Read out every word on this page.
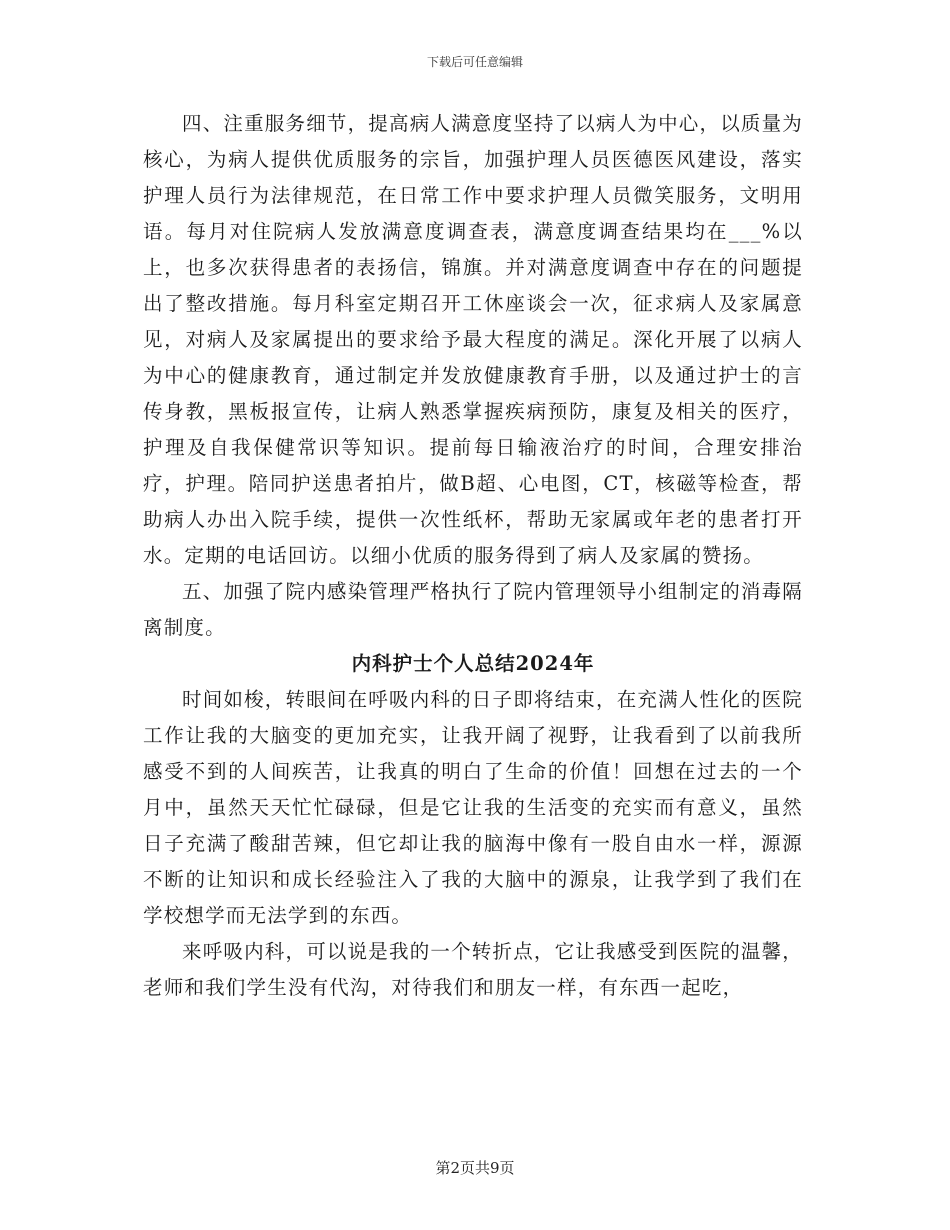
下载后可任意编辑

四、注重服务细节，提高病人满意度坚持了以病人为中心，以质量为核心，为病人提供优质服务的宗旨，加强护理人员医德医风建设，落实护理人员行为法律规范，在日常工作中要求护理人员微笑服务，文明用语。每月对住院病人发放满意度调查表，满意度调查结果均在___%以上，也多次获得患者的表扬信，锦旗。并对满意度调查中存在的问题提出了整改措施。每月科室定期召开工休座谈会一次，征求病人及家属意见，对病人及家属提出的要求给予最大程度的满足。深化开展了以病人为中心的健康教育，通过制定并发放健康教育手册，以及通过护士的言传身教，黑板报宣传，让病人熟悉掌握疾病预防，康复及相关的医疗，护理及自我保健常识等知识。提前每日输液治疗的时间，合理安排治疗，护理。陪同护送患者拍片，做B超、心电图，CT，核磁等检查，帮助病人办出入院手续，提供一次性纸杯，帮助无家属或年老的患者打开水。定期的电话回访。以细小优质的服务得到了病人及家属的赞扬。

五、加强了院内感染管理严格执行了院内管理领导小组制定的消毒隔离制度。

内科护士个人总结2024年

时间如梭，转眼间在呼吸内科的日子即将结束，在充满人性化的医院工作让我的大脑变的更加充实，让我开阔了视野，让我看到了以前我所感受不到的人间疾苦，让我真的明白了生命的价值！回想在过去的一个月中，虽然天天忙忙碌碌，但是它让我的生活变的充实而有意义，虽然日子充满了酸甜苦辣，但它却让我的脑海中像有一股自由水一样，源源不断的让知识和成长经验注入了我的大脑中的源泉，让我学到了我们在学校想学而无法学到的东西。

来呼吸内科，可以说是我的一个转折点，它让我感受到医院的温馨，老师和我们学生没有代沟，对待我们和朋友一样，有东西一起吃，

第2页共9页
